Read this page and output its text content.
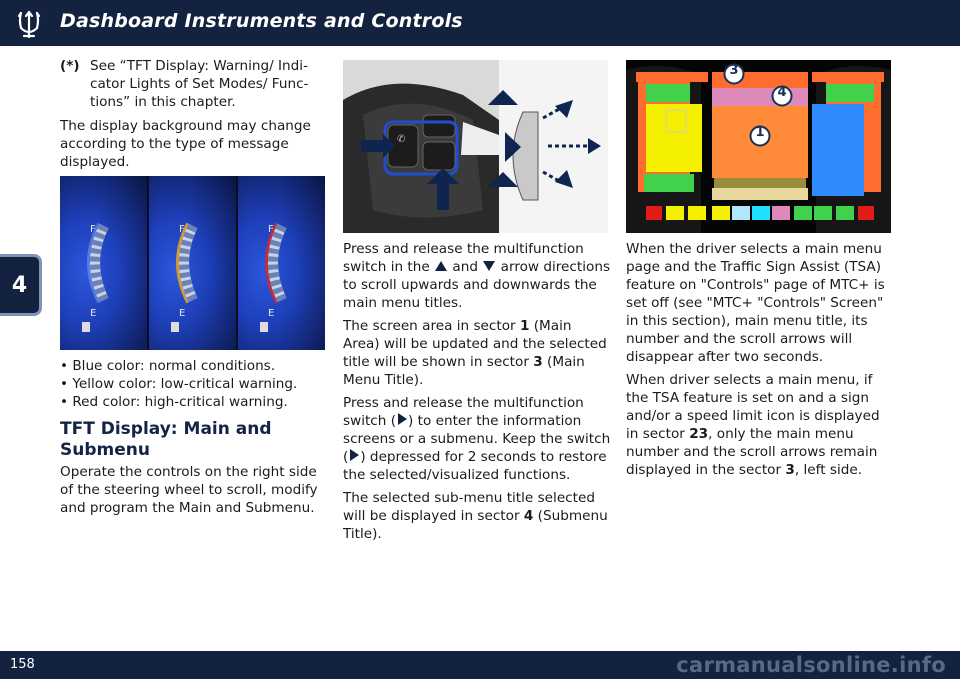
Dashboard Instruments and Controls
4
(*) See “TFT Display: Warning/ Indi-cator Lights of Set Modes/ Func-tions” in this chapter.

The display background may change according to the type of message displayed.

F
E
F
E
F
E
• Blue color: normal conditions.
• Yellow color: low-critical warning.
• Red color: high-critical warning.
TFT Display: Main and Submenu

Operate the controls on the right side of the steering wheel to scroll, modify and program the Main and Submenu.

✆

Press and release the multifunction switch in the and arrow directions to scroll upwards and downwards the main menu titles.

The screen area in sector 1 (Main Area) will be updated and the selected title will be shown in sector 3 (Main Menu Title).

Press and release the multifunction switch ( ) to enter the information screens or a submenu. Keep the switch ( ) depressed for 2 seconds to restore the selected/visualized functions.

The selected sub-menu title selected will be displayed in sector 4 (Submenu Title).

3
4
1

When the driver selects a main menu page and the Traffic Sign Assist (TSA) feature on "Controls" page of MTC+ is set off (see "MTC+ "Controls" Screen" in this section), main menu title, its number and the scroll arrows will disappear after two seconds.

When driver selects a main menu, if the TSA feature is set on and a sign and/or a speed limit icon is displayed in sector 23, only the main menu number and the scroll arrows remain displayed in the sector 3, left side.

158	carmanualsonline.info
